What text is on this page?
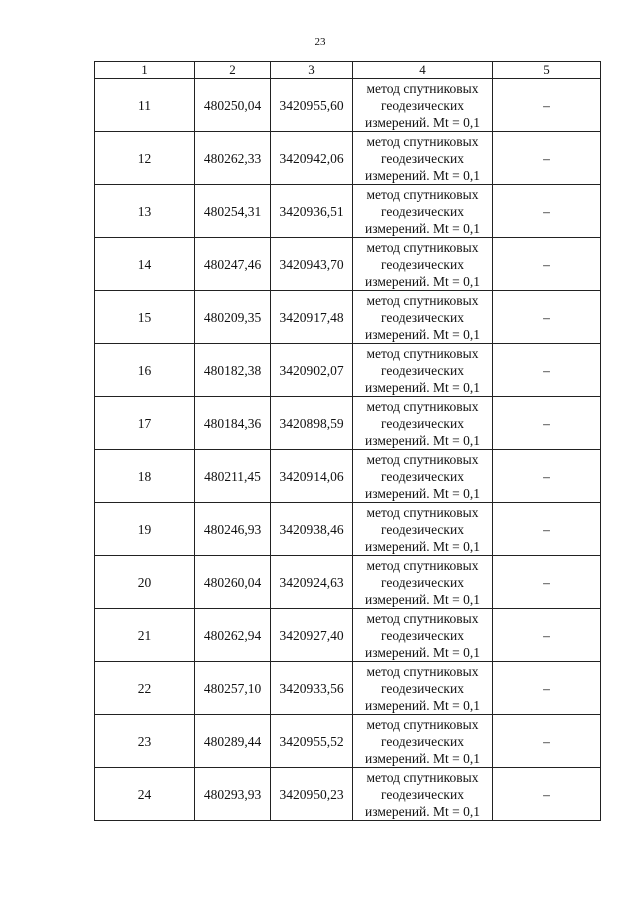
23
1	2	3	4	5
11	480250,04	3420955,60	метод спутниковых
геодезических
измерений. Mt = 0,1	–
12	480262,33	3420942,06	метод спутниковых
геодезических
измерений. Mt = 0,1	–
13	480254,31	3420936,51	метод спутниковых
геодезических
измерений. Mt = 0,1	–
14	480247,46	3420943,70	метод спутниковых
геодезических
измерений. Mt = 0,1	–
15	480209,35	3420917,48	метод спутниковых
геодезических
измерений. Mt = 0,1	–
16	480182,38	3420902,07	метод спутниковых
геодезических
измерений. Mt = 0,1	–
17	480184,36	3420898,59	метод спутниковых
геодезических
измерений. Mt = 0,1	–
18	480211,45	3420914,06	метод спутниковых
геодезических
измерений. Mt = 0,1	–
19	480246,93	3420938,46	метод спутниковых
геодезических
измерений. Mt = 0,1	–
20	480260,04	3420924,63	метод спутниковых
геодезических
измерений. Mt = 0,1	–
21	480262,94	3420927,40	метод спутниковых
геодезических
измерений. Mt = 0,1	–
22	480257,10	3420933,56	метод спутниковых
геодезических
измерений. Mt = 0,1	–
23	480289,44	3420955,52	метод спутниковых
геодезических
измерений. Mt = 0,1	–
24	480293,93	3420950,23	метод спутниковых
геодезических
измерений. Mt = 0,1	–
